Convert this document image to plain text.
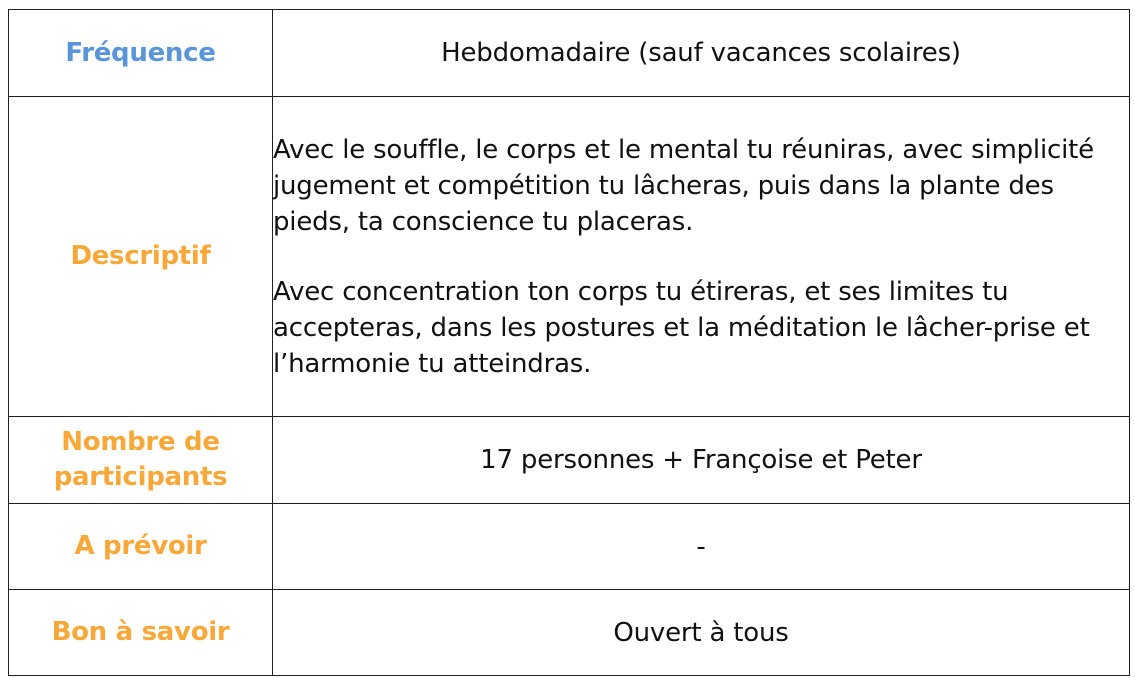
Fréquence	Hebdomadaire (sauf vacances scolaires)
Descriptif	Avec le souffle, le corps et le mental tu réuniras, avec simplicité jugement et compétition tu lâcheras, puis dans la plante des pieds, ta conscience tu placeras.

Avec concentration ton corps tu étireras, et ses limites tu accepteras, dans les postures et la méditation le lâcher-prise et l’harmonie tu atteindras.

Nombre de
participants	17 personnes + Françoise et Peter
A prévoir	-
Bon à savoir	Ouvert à tous
